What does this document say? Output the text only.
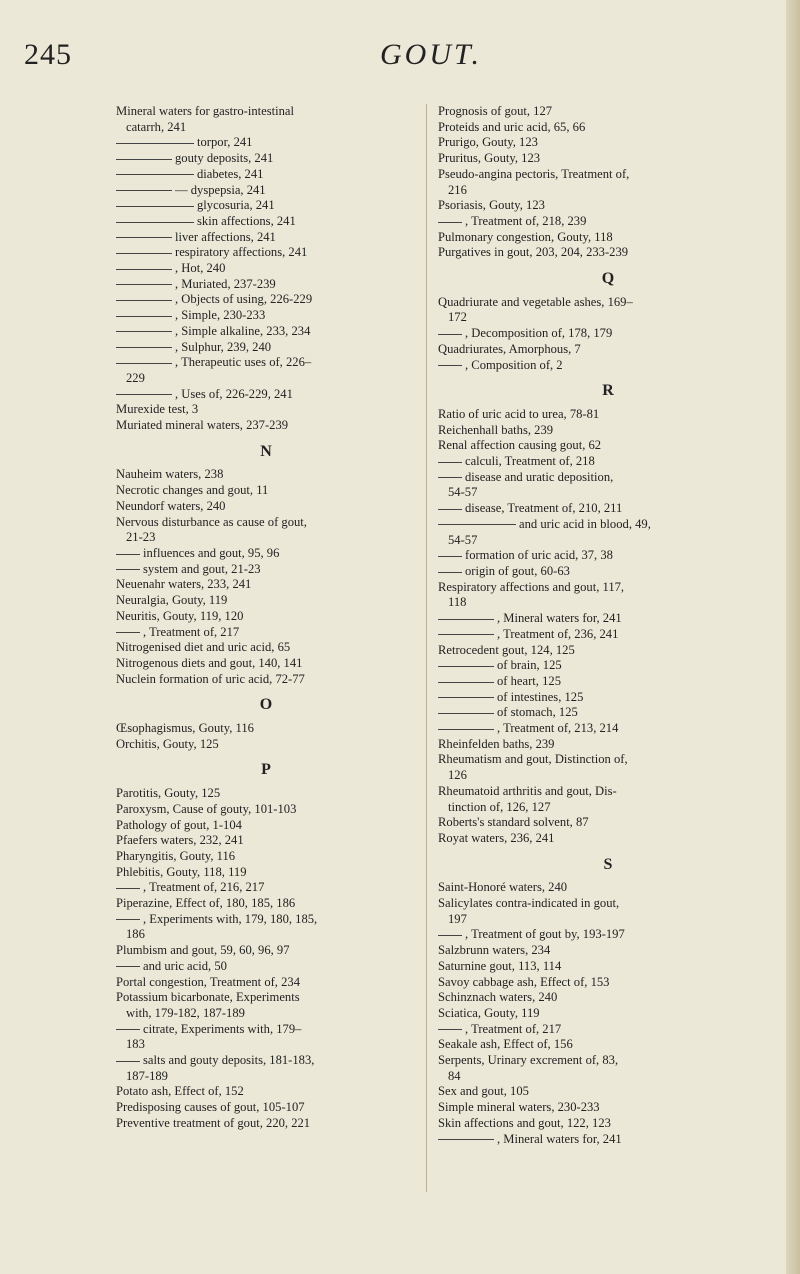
245	GOUT.
Mineral waters for gastro-intestinal
catarrh, 241
torpor, 241
gouty deposits, 241
diabetes, 241
— dyspepsia, 241
glycosuria, 241
skin affections, 241
liver affections, 241
respiratory affections, 241
, Hot, 240
, Muriated, 237-239
, Objects of using, 226-229
, Simple, 230-233
, Simple alkaline, 233, 234
, Sulphur, 239, 240
, Therapeutic uses of, 226–
229
, Uses of, 226-229, 241
Murexide test, 3
Muriated mineral waters, 237-239
N
Nauheim waters, 238
Necrotic changes and gout, 11
Neundorf waters, 240
Nervous disturbance as cause of gout,
21-23
influences and gout, 95, 96
system and gout, 21-23
Neuenahr waters, 233, 241
Neuralgia, Gouty, 119
Neuritis, Gouty, 119, 120
, Treatment of, 217
Nitrogenised diet and uric acid, 65
Nitrogenous diets and gout, 140, 141
Nuclein formation of uric acid, 72-77
O
Œsophagismus, Gouty, 116
Orchitis, Gouty, 125
P
Parotitis, Gouty, 125
Paroxysm, Cause of gouty, 101-103
Pathology of gout, 1-104
Pfaefers waters, 232, 241
Pharyngitis, Gouty, 116
Phlebitis, Gouty, 118, 119
, Treatment of, 216, 217
Piperazine, Effect of, 180, 185, 186
, Experiments with, 179, 180, 185,
186
Plumbism and gout, 59, 60, 96, 97
and uric acid, 50
Portal congestion, Treatment of, 234
Potassium bicarbonate, Experiments
with, 179-182, 187-189
citrate, Experiments with, 179–
183
salts and gouty deposits, 181-183,
187-189
Potato ash, Effect of, 152
Predisposing causes of gout, 105-107
Preventive treatment of gout, 220, 221
Prognosis of gout, 127
Proteids and uric acid, 65, 66
Prurigo, Gouty, 123
Pruritus, Gouty, 123
Pseudo-angina pectoris, Treatment of,
216
Psoriasis, Gouty, 123
, Treatment of, 218, 239
Pulmonary congestion, Gouty, 118
Purgatives in gout, 203, 204, 233-239
Q
Quadriurate and vegetable ashes, 169–
172
, Decomposition of, 178, 179
Quadriurates, Amorphous, 7
, Composition of, 2
R
Ratio of uric acid to urea, 78-81
Reichenhall baths, 239
Renal affection causing gout, 62
calculi, Treatment of, 218
disease and uratic deposition,
54-57
disease, Treatment of, 210, 211
and uric acid in blood, 49,
54-57
formation of uric acid, 37, 38
origin of gout, 60-63
Respiratory affections and gout, 117,
118
, Mineral waters for, 241
, Treatment of, 236, 241
Retrocedent gout, 124, 125
of brain, 125
of heart, 125
of intestines, 125
of stomach, 125
, Treatment of, 213, 214
Rheinfelden baths, 239
Rheumatism and gout, Distinction of,
126
Rheumatoid arthritis and gout, Dis-
tinction of, 126, 127
Roberts's standard solvent, 87
Royat waters, 236, 241
S
Saint-Honoré waters, 240
Salicylates contra-indicated in gout,
197
, Treatment of gout by, 193-197
Salzbrunn waters, 234
Saturnine gout, 113, 114
Savoy cabbage ash, Effect of, 153
Schinznach waters, 240
Sciatica, Gouty, 119
, Treatment of, 217
Seakale ash, Effect of, 156
Serpents, Urinary excrement of, 83,
84
Sex and gout, 105
Simple mineral waters, 230-233
Skin affections and gout, 122, 123
, Mineral waters for, 241
